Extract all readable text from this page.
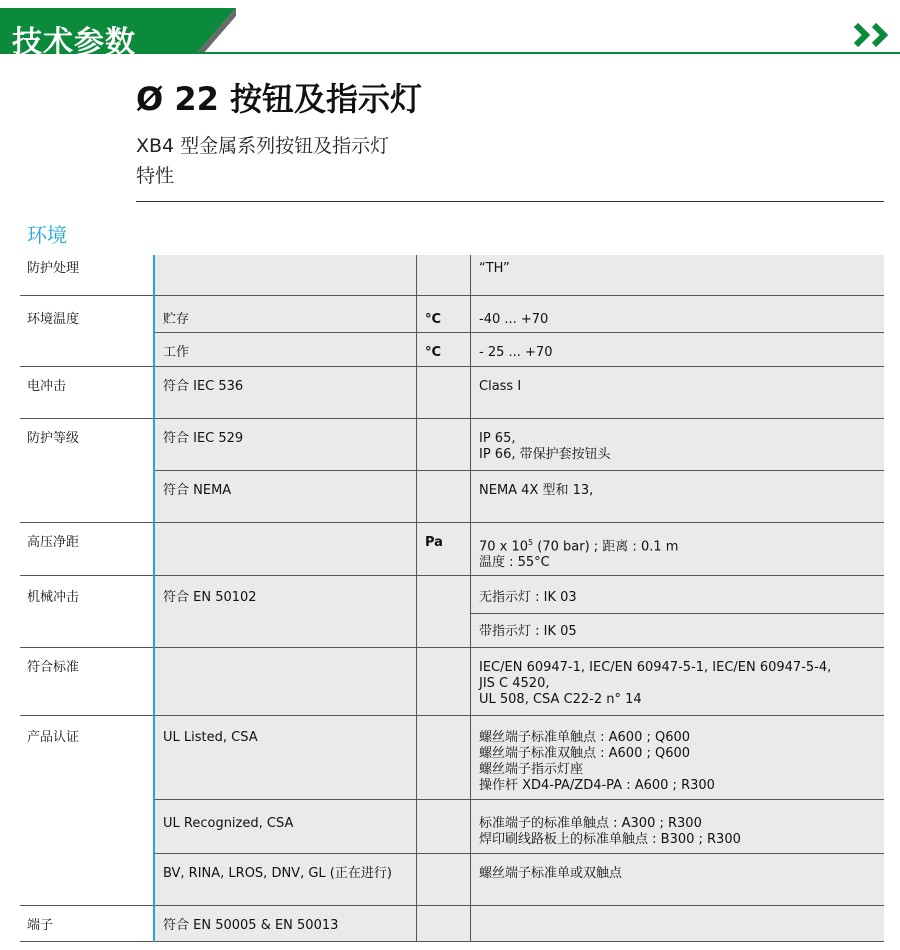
技术参数
Ø 22 按钮及指示灯
XB4 型金属系列按钮及指示灯
特性
环境
防护处理			“TH”
环境温度	贮存	°C	-40 ... +70
	工作	°C	- 25 ... +70
电冲击	符合 IEC 536		Class I
防护等级	符合 IEC 529		IP 65,
IP 66, 带保护套按钮头

	符合 NEMA		NEMA 4X 型和 13,
高压净距		Pa	70 x $10^5$ (70 bar) ; 距离 : 0.1 m
温度 : 55°C

机械冲击	符合 EN 50102		无指示灯 : IK 03
			带指示灯 : IK 05
符合标准			IEC/EN 60947-1, IEC/EN 60947-5-1, IEC/EN 60947-5-4,
JIS C 4520,
UL 508, CSA C22-2 n° 14

产品认证	UL Listed, CSA		螺丝端子标准单触点 : A600 ; Q600
螺丝端子标准双触点 : A600 ; Q600
螺丝端子指示灯座
操作杆 XD4-PA/ZD4-PA : A600 ; R300

	UL Recognized, CSA		标准端子的标准单触点 : A300 ; R300
焊印刷线路板上的标准单触点 : B300 ; R300

	BV, RINA, LROS, DNV, GL (正在进行)		螺丝端子标准单或双触点
端子	符合 EN 50005 & EN 50013		
